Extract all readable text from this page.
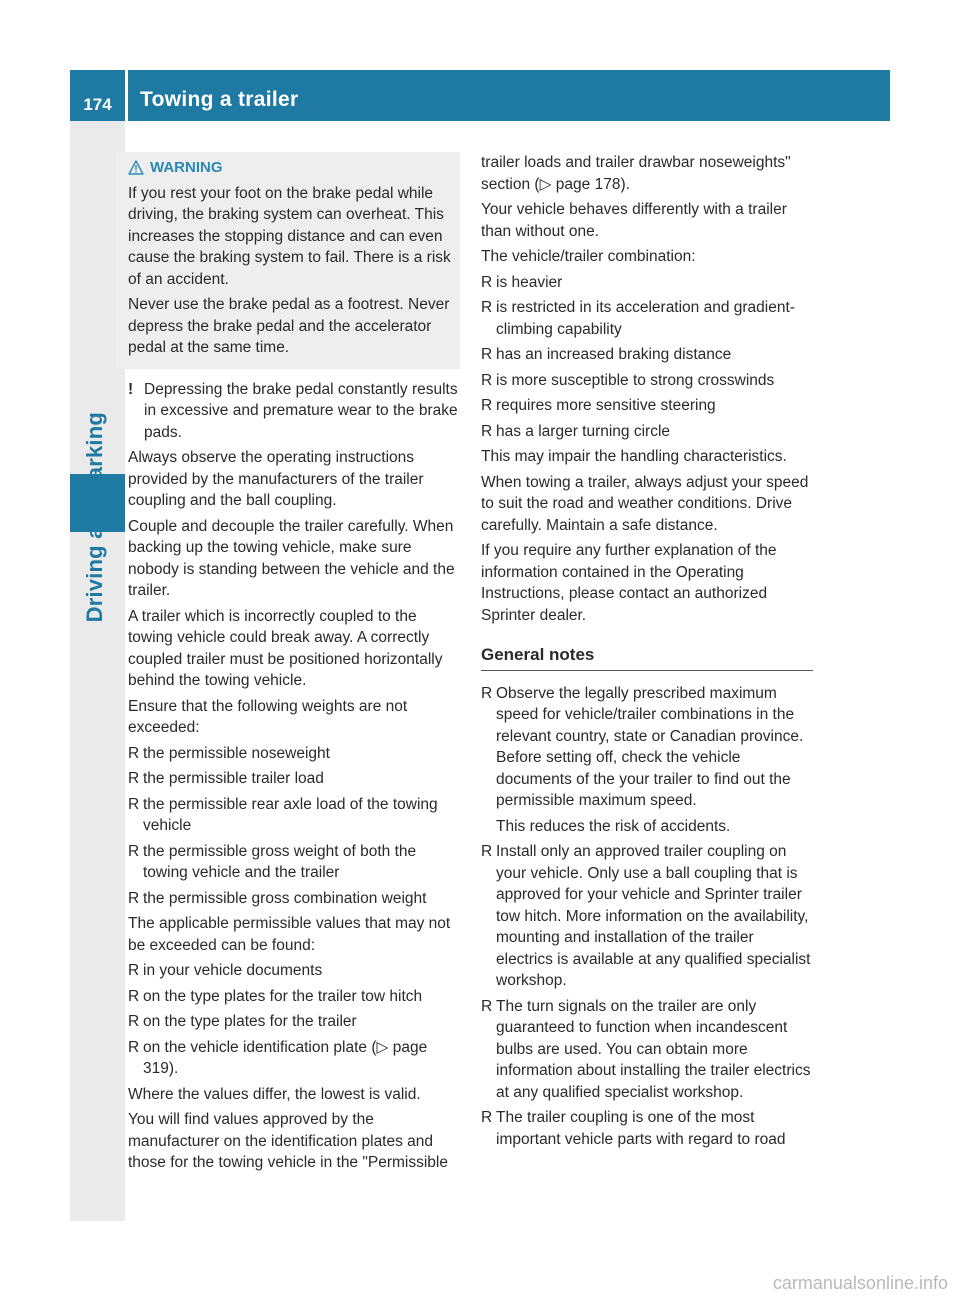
174	Towing a trailer
WARNING

If you rest your foot on the brake pedal while driving, the braking system can overheat. This increases the stopping distance and can even cause the braking system to fail. There is a risk of an accident.

Never use the brake pedal as a footrest. Never depress the brake pedal and the accelerator pedal at the same time.

! Depressing the brake pedal constantly results in excessive and premature wear to the brake pads.

Always observe the operating instructions provided by the manufacturers of the trailer coupling and the ball coupling.

Couple and decouple the trailer carefully. When backing up the towing vehicle, make sure nobody is standing between the vehicle and the trailer.

A trailer which is incorrectly coupled to the towing vehicle could break away. A correctly coupled trailer must be positioned horizontally behind the towing vehicle.

Ensure that the following weights are not exceeded:

R the permissible noseweight
R the permissible trailer load
R the permissible rear axle load of the towing vehicle
R the permissible gross weight of both the towing vehicle and the trailer
R the permissible gross combination weight

The applicable permissible values that may not be exceeded can be found:

R in your vehicle documents
R on the type plates for the trailer tow hitch
R on the type plates for the trailer
R on the vehicle identification plate (▷ page 319).

Where the values differ, the lowest is valid.

You will find values approved by the manufacturer on the identification plates and those for the towing vehicle in the "Permissible

trailer loads and trailer drawbar noseweights" section (▷ page 178).

Your vehicle behaves differently with a trailer than without one.

The vehicle/trailer combination:

R is heavier
R is restricted in its acceleration and gradient-climbing capability
R has an increased braking distance
R is more susceptible to strong crosswinds
R requires more sensitive steering
R has a larger turning circle

This may impair the handling characteristics.

When towing a trailer, always adjust your speed to suit the road and weather conditions. Drive carefully. Maintain a safe distance.

If you require any further explanation of the information contained in the Operating Instructions, please contact an authorized Sprinter dealer.

General notes
R Observe the legally prescribed maximum speed for vehicle/trailer combinations in the relevant country, state or Canadian province. Before setting off, check the vehicle documents of the your trailer to find out the permissible maximum speed.

This reduces the risk of accidents.

R Install only an approved trailer coupling on your vehicle. Only use a ball coupling that is approved for your vehicle and Sprinter trailer tow hitch. More information on the availability, mounting and installation of the trailer electrics is available at any qualified specialist workshop.
R The turn signals on the trailer are only guaranteed to function when incandescent bulbs are used. You can obtain more information about installing the trailer electrics at any qualified specialist workshop.
R The trailer coupling is one of the most important vehicle parts with regard to road
carmanualsonline.info
